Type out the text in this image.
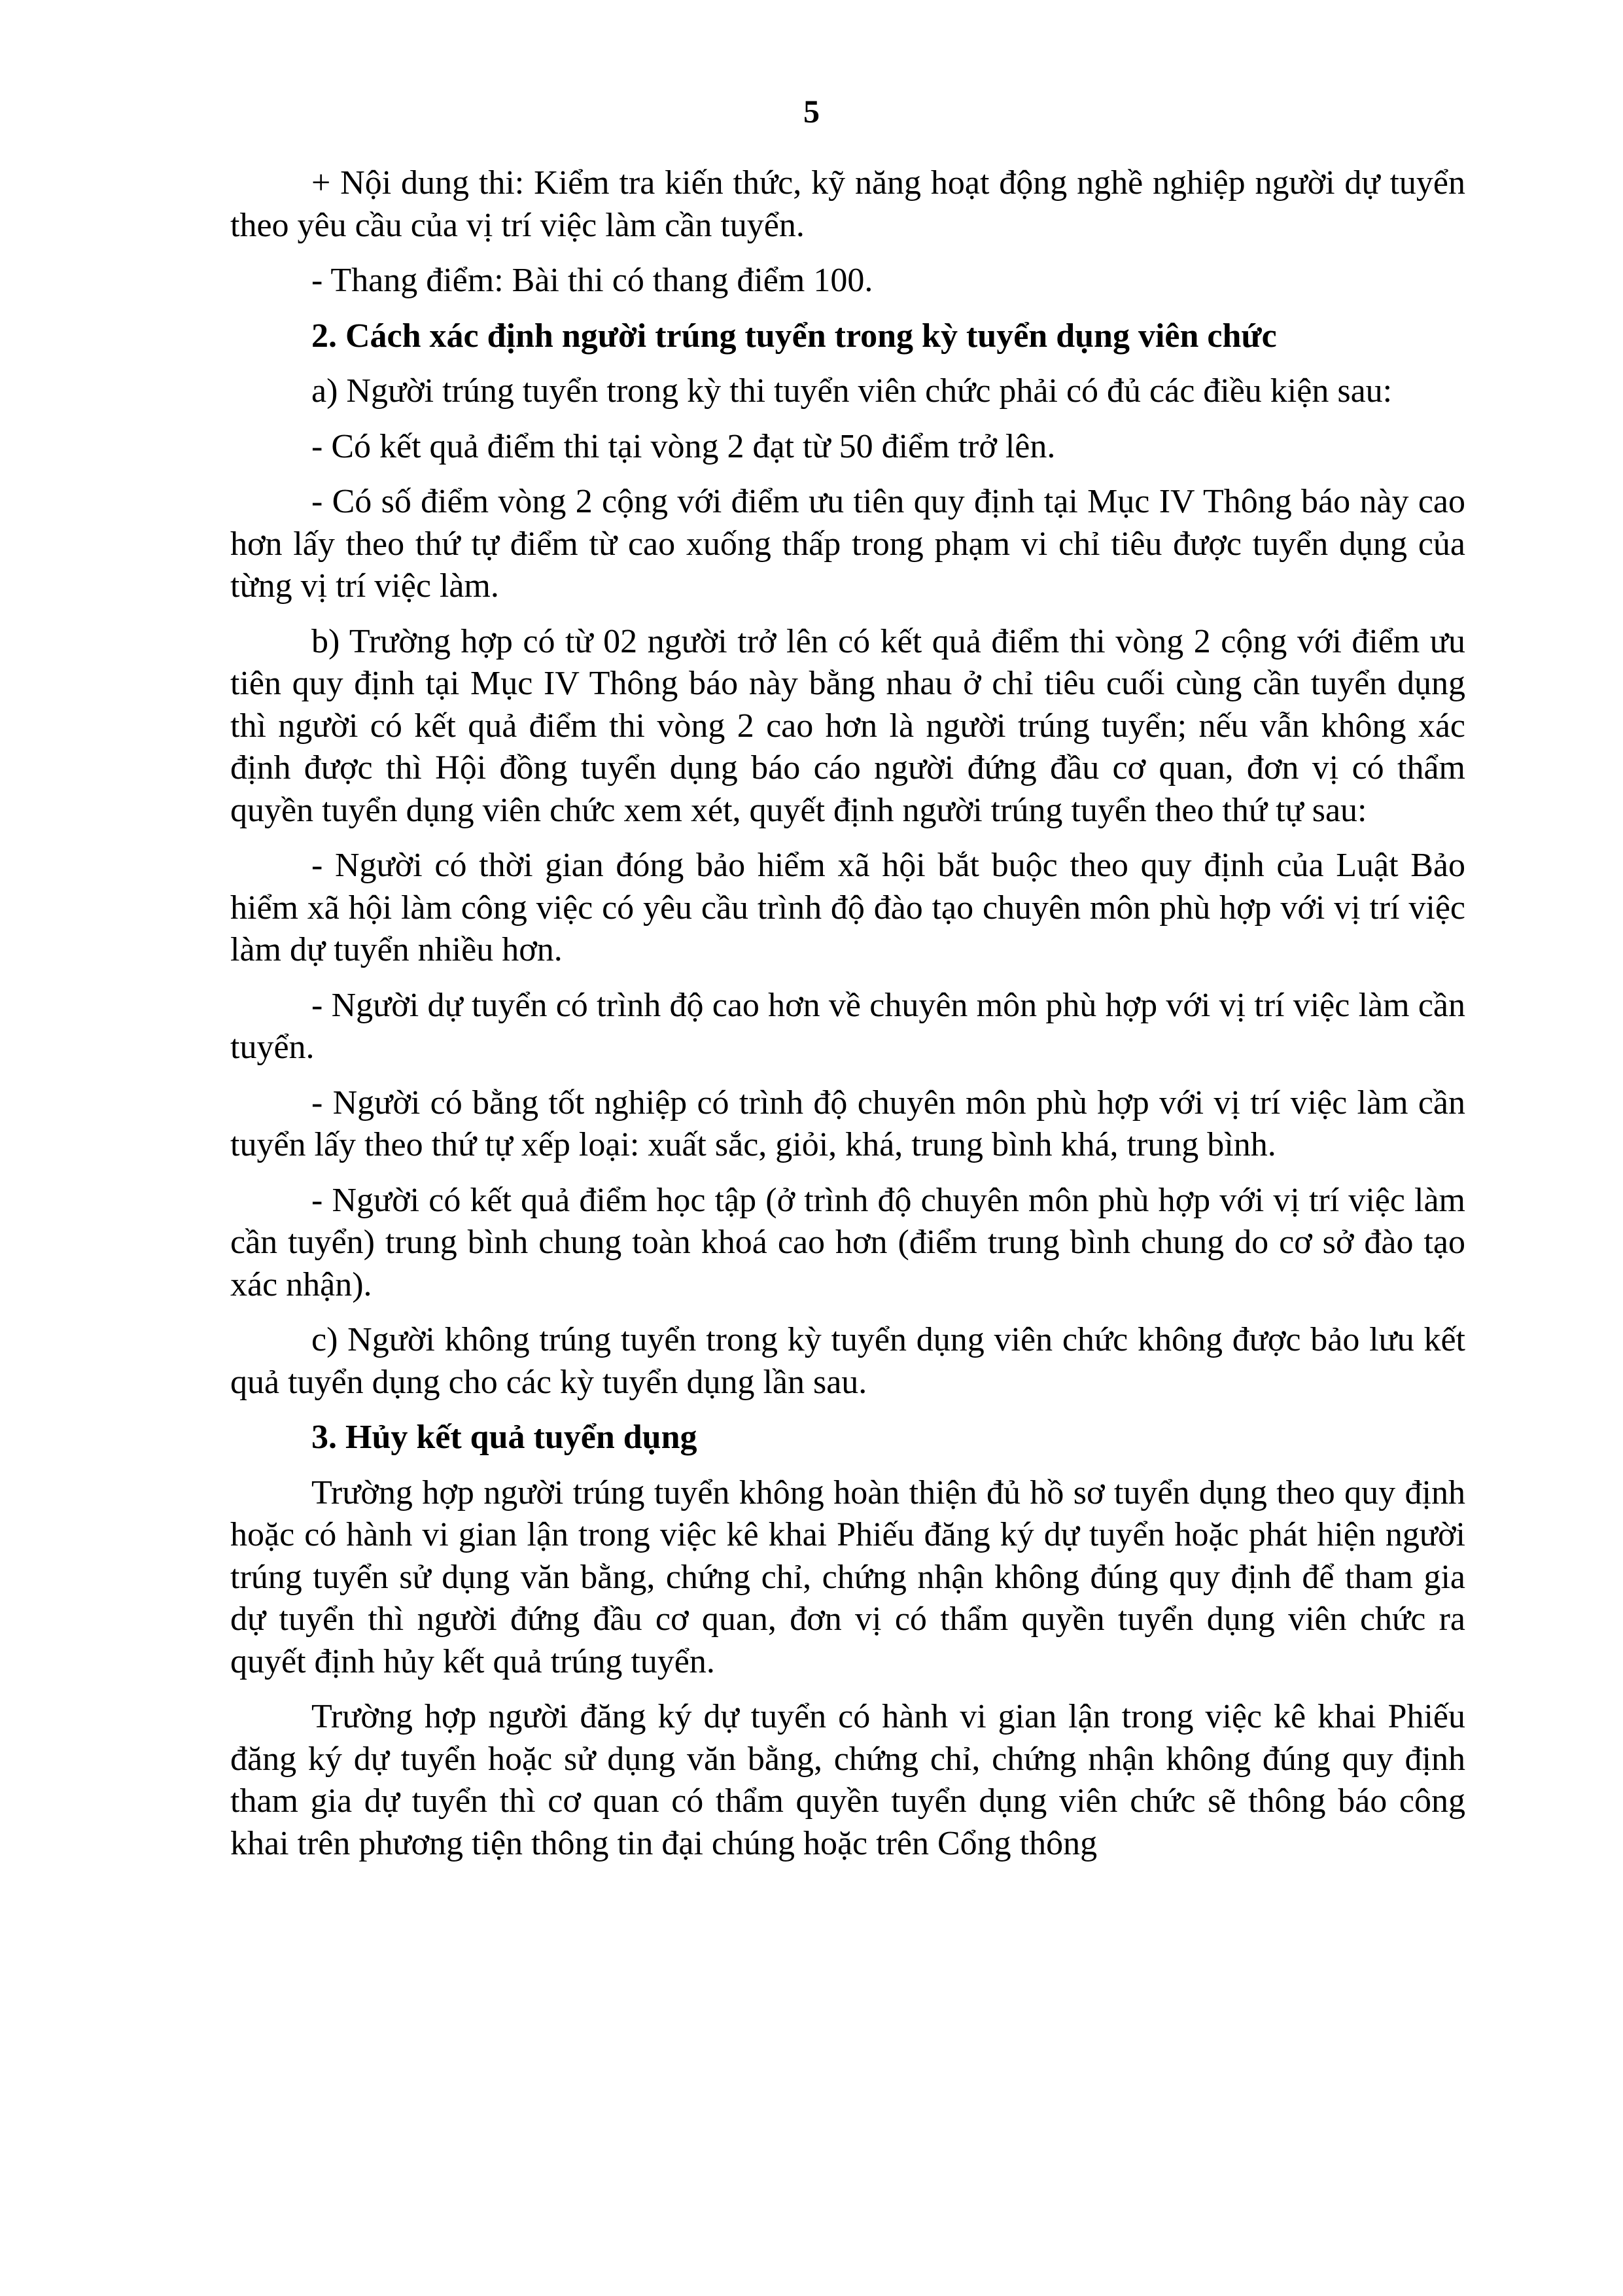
5

+ Nội dung thi: Kiểm tra kiến thức, kỹ năng hoạt động nghề nghiệp người dự tuyển theo yêu cầu của vị trí việc làm cần tuyển.

- Thang điểm: Bài thi có thang điểm 100.

2. Cách xác định người trúng tuyển trong kỳ tuyển dụng viên chức

a) Người trúng tuyển trong kỳ thi tuyển viên chức phải có đủ các điều kiện sau:

- Có kết quả điểm thi tại vòng 2 đạt từ 50 điểm trở lên.

- Có số điểm vòng 2 cộng với điểm ưu tiên quy định tại Mục IV Thông báo này cao hơn lấy theo thứ tự điểm từ cao xuống thấp trong phạm vi chỉ tiêu được tuyển dụng của từng vị trí việc làm.

b) Trường hợp có từ 02 người trở lên có kết quả điểm thi vòng 2 cộng với điểm ưu tiên quy định tại Mục IV Thông báo này bằng nhau ở chỉ tiêu cuối cùng cần tuyển dụng thì người có kết quả điểm thi vòng 2 cao hơn là người trúng tuyển; nếu vẫn không xác định được thì Hội đồng tuyển dụng báo cáo người đứng đầu cơ quan, đơn vị có thẩm quyền tuyển dụng viên chức xem xét, quyết định người trúng tuyển theo thứ tự sau:

- Người có thời gian đóng bảo hiểm xã hội bắt buộc theo quy định của Luật Bảo hiểm xã hội làm công việc có yêu cầu trình độ đào tạo chuyên môn phù hợp với vị trí việc làm dự tuyển nhiều hơn.

- Người dự tuyển có trình độ cao hơn về chuyên môn phù hợp với vị trí việc làm cần tuyển.

- Người có bằng tốt nghiệp có trình độ chuyên môn phù hợp với vị trí việc làm cần tuyển lấy theo thứ tự xếp loại: xuất sắc, giỏi, khá, trung bình khá, trung bình.

- Người có kết quả điểm học tập (ở trình độ chuyên môn phù hợp với vị trí việc làm cần tuyển) trung bình chung toàn khoá cao hơn (điểm trung bình chung do cơ sở đào tạo xác nhận).

c) Người không trúng tuyển trong kỳ tuyển dụng viên chức không được bảo lưu kết quả tuyển dụng cho các kỳ tuyển dụng lần sau.

3. Hủy kết quả tuyển dụng

Trường hợp người trúng tuyển không hoàn thiện đủ hồ sơ tuyển dụng theo quy định hoặc có hành vi gian lận trong việc kê khai Phiếu đăng ký dự tuyển hoặc phát hiện người trúng tuyển sử dụng văn bằng, chứng chỉ, chứng nhận không đúng quy định để tham gia dự tuyển thì người đứng đầu cơ quan, đơn vị có thẩm quyền tuyển dụng viên chức ra quyết định hủy kết quả trúng tuyển.

Trường hợp người đăng ký dự tuyển có hành vi gian lận trong việc kê khai Phiếu đăng ký dự tuyển hoặc sử dụng văn bằng, chứng chỉ, chứng nhận không đúng quy định tham gia dự tuyển thì cơ quan có thẩm quyền tuyển dụng viên chức sẽ thông báo công khai trên phương tiện thông tin đại chúng hoặc trên Cổng thông
